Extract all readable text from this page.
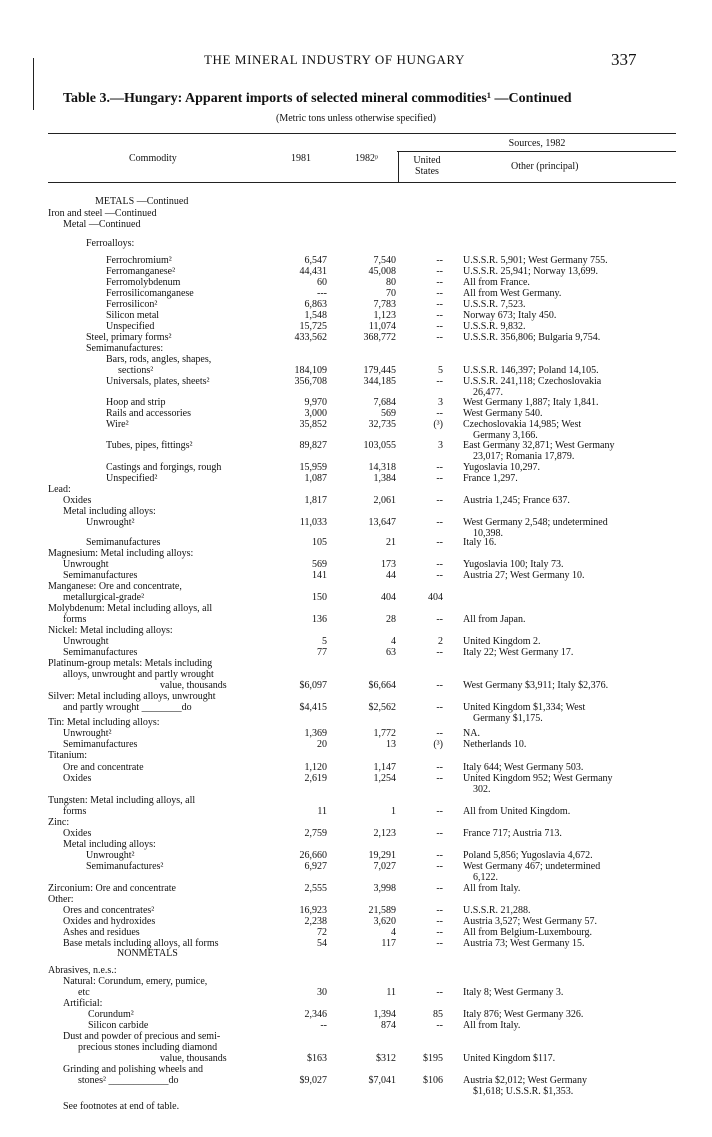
THE MINERAL INDUSTRY OF HUNGARY	337
Table 3.—Hungary: Apparent imports of selected mineral commodities¹ —Continued
(Metric tons unless otherwise specified)
Commodity	1981	1982ᵖ
Sources, 1982
United States	Other (principal)
METALS —Continued
Iron and steel —Continued
Metal —Continued
NONMETALS
Ferroalloys:
Ferrochromium²	6,547	7,540	-- U.S.S.R. 5,901; West Germany 755.
Ferromanganese²	44,431	45,008	-- U.S.S.R. 25,941; Norway 13,699.
Ferromolybdenum	60	80	-- All from France.
Ferrosilicomanganese	---	70	-- All from West Germany.
Ferrosilicon²	6,863	7,783	-- U.S.S.R. 7,523.
Silicon metal	1,548	1,123	-- Norway 673; Italy 450.
Unspecified	15,725	11,074	-- U.S.S.R. 9,832.
Steel, primary forms²	433,562	368,772	-- U.S.S.R. 356,806; Bulgaria 9,754.
Semimanufactures:
Bars, rods, angles, shapes,
sections²	184,109	179,445	5 U.S.S.R. 146,397; Poland 14,105.
Universals, plates, sheets²	356,708	344,185	-- U.S.S.R. 241,118; Czechoslovakia
26,477.
Hoop and strip	9,970	7,684	3 West Germany 1,887; Italy 1,841.
Rails and accessories	3,000	569	-- West Germany 540.
Wire²	35,852	32,735	(³) Czechoslovakia 14,985; West
Germany 3,166.
Tubes, pipes, fittings²	89,827	103,055	3 East Germany 32,871; West Germany
23,017; Romania 17,879.
Castings and forgings, rough	15,959	14,318	-- Yugoslavia 10,297.
Unspecified²	1,087	1,384	-- France 1,297.
Lead:
Oxides	1,817	2,061	-- Austria 1,245; France 637.
Metal including alloys:
Unwrought²	11,033	13,647	-- West Germany 2,548; undetermined
10,398.
Semimanufactures	105	21	-- Italy 16.
Magnesium: Metal including alloys:
Unwrought	569	173	-- Yugoslavia 100; Italy 73.
Semimanufactures	141	44	-- Austria 27; West Germany 10.
Manganese: Ore and concentrate,
metallurgical-grade²	150	404	404
Molybdenum: Metal including alloys, all
forms	136	28	-- All from Japan.
Nickel: Metal including alloys:
Unwrought	5	4	2 United Kingdom 2.
Semimanufactures	77	63	-- Italy 22; West Germany 17.
Platinum-group metals: Metals including
alloys, unwrought and partly wrought
value, thousands	$6,097	$6,664	-- West Germany $3,911; Italy $2,376.
Silver: Metal including alloys, unwrought
and partly wrought ________do	$4,415	$2,562	-- United Kingdom $1,334; West
Germany $1,175.
Tin: Metal including alloys:
Unwrought²	1,369	1,772	-- NA.
Semimanufactures	20	13	(³) Netherlands 10.
Titanium:
Ore and concentrate	1,120	1,147	-- Italy 644; West Germany 503.
Oxides	2,619	1,254	-- United Kingdom 952; West Germany
302.
Tungsten: Metal including alloys, all
forms	11	1	-- All from United Kingdom.
Zinc:
Oxides	2,759	2,123	-- France 717; Austria 713.
Metal including alloys:
Unwrought²	26,660	19,291	-- Poland 5,856; Yugoslavia 4,672.
Semimanufactures²	6,927	7,027	-- West Germany 467; undetermined
6,122.
Zirconium: Ore and concentrate	2,555	3,998	-- All from Italy.
Other:
Ores and concentrates²	16,923	21,589	-- U.S.S.R. 21,288.
Oxides and hydroxides	2,238	3,620	-- Austria 3,527; West Germany 57.
Ashes and residues	72	4	-- All from Belgium-Luxembourg.
Base metals including alloys, all forms	54	117	-- Austria 73; West Germany 15.
Abrasives, n.e.s.:
Natural: Corundum, emery, pumice,
etc	30	11	-- Italy 8; West Germany 3.
Artificial:
Corundum²	2,346	1,394	85 Italy 876; West Germany 326.
Silicon carbide	--	874	-- All from Italy.
Dust and powder of precious and semi-
precious stones including diamond
value, thousands	$163	$312	$195 United Kingdom $117.
Grinding and polishing wheels and
stones² ____________do	$9,027	$7,041	$106 Austria $2,012; West Germany
$1,618; U.S.S.R. $1,353.
See footnotes at end of table.
